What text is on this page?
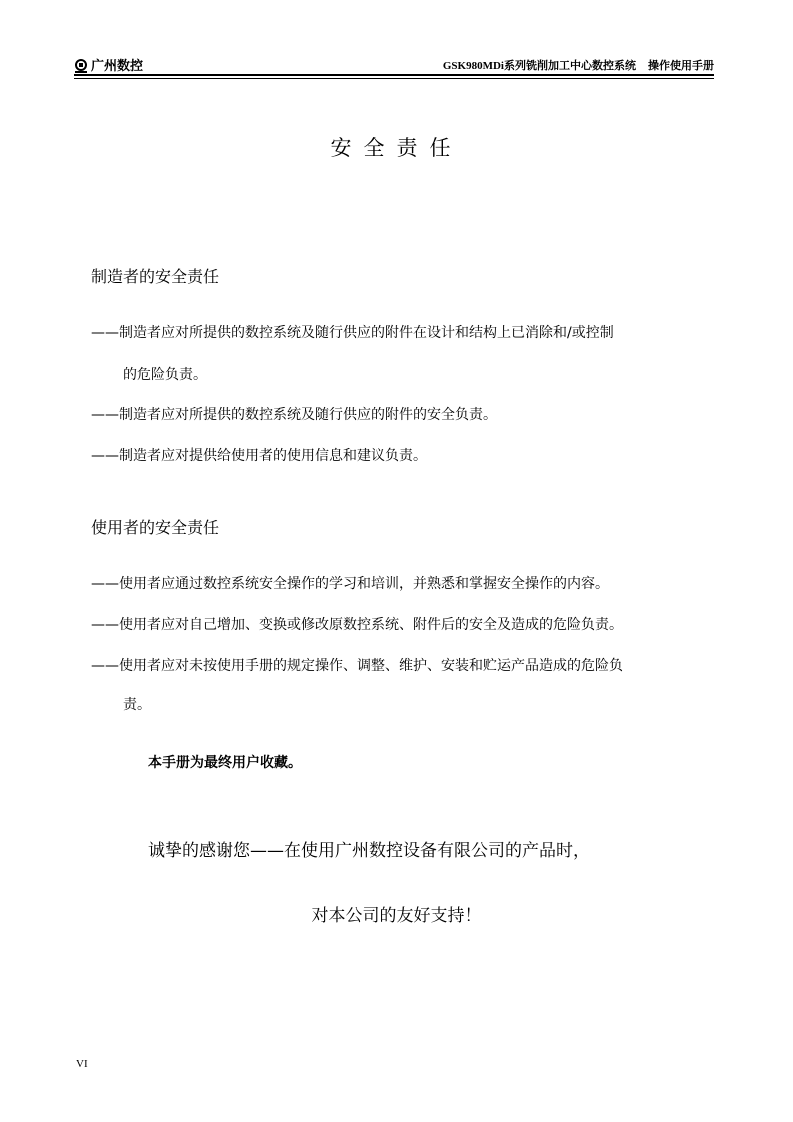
广州数控	GSK980MDi系列铣削加工中心数控系统 操作使用手册
安全责任
制造者的安全责任
——制造者应对所提供的数控系统及随行供应的附件在设计和结构上已消除和/或控制
的危险负责。
——制造者应对所提供的数控系统及随行供应的附件的安全负责。
——制造者应对提供给使用者的使用信息和建议负责。
使用者的安全责任
——使用者应通过数控系统安全操作的学习和培训，并熟悉和掌握安全操作的内容。
——使用者应对自己增加、变换或修改原数控系统、附件后的安全及造成的危险负责。
——使用者应对未按使用手册的规定操作、调整、维护、安装和贮运产品造成的危险负
责。
本手册为最终用户收藏。
诚挚的感谢您——在使用广州数控设备有限公司的产品时，
对本公司的友好支持！
VI
